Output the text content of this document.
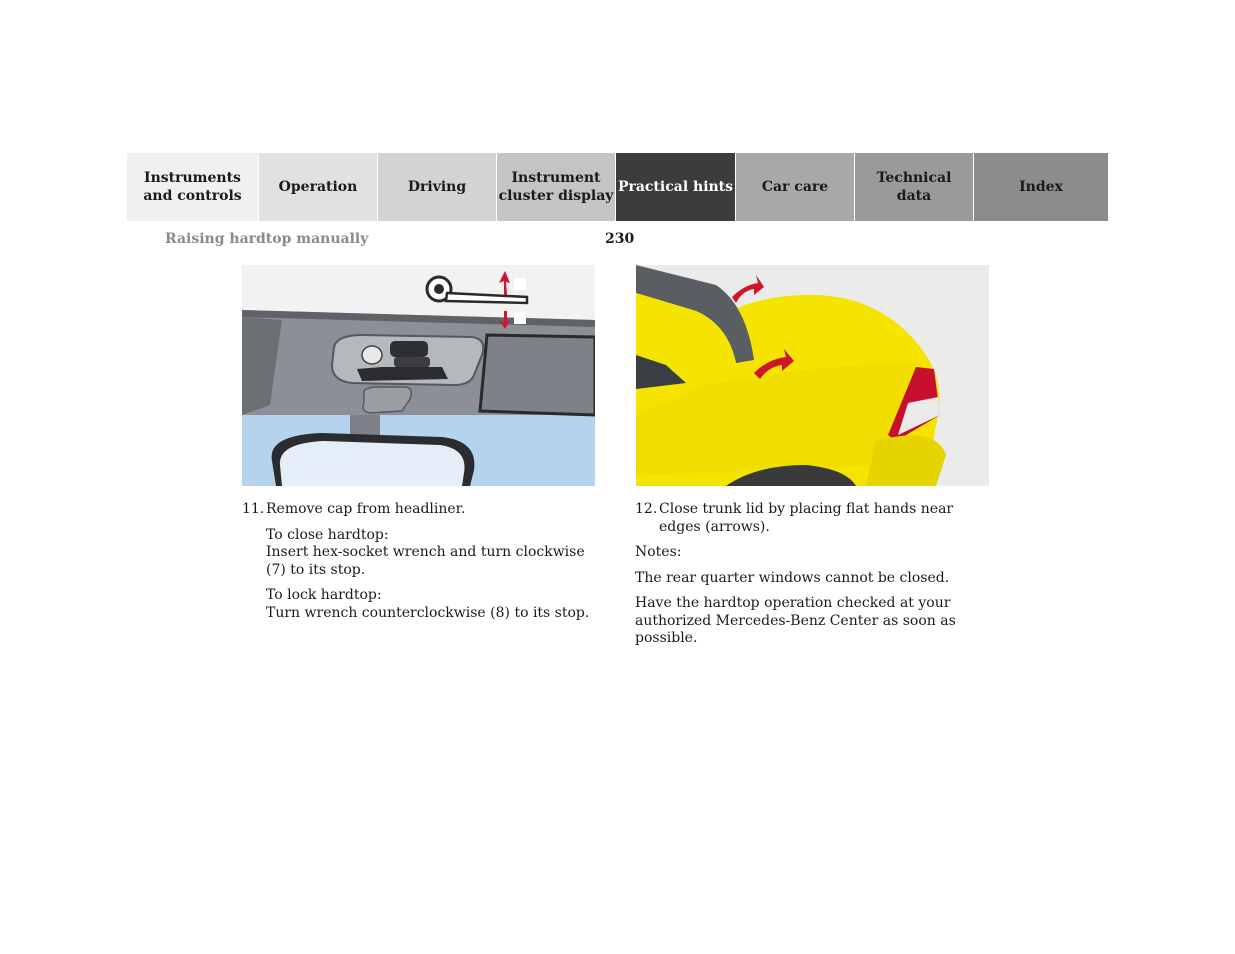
Instruments
and controls
Operation	Driving
Instrument
cluster display
Practical hints	Car care
Technical
data
Index
Raising hardtop manually	230
11. Remove cap from headliner.

To close hardtop:

Insert hex-socket wrench and turn clockwise (7) to its stop.

To lock hardtop:

Turn wrench counterclockwise (8) to its stop.

12. Close trunk lid by placing flat hands near edges (arrows).

Notes:

The rear quarter windows cannot be closed.

Have the hardtop operation checked at your authorized Mercedes-Benz Center as soon as possible.
